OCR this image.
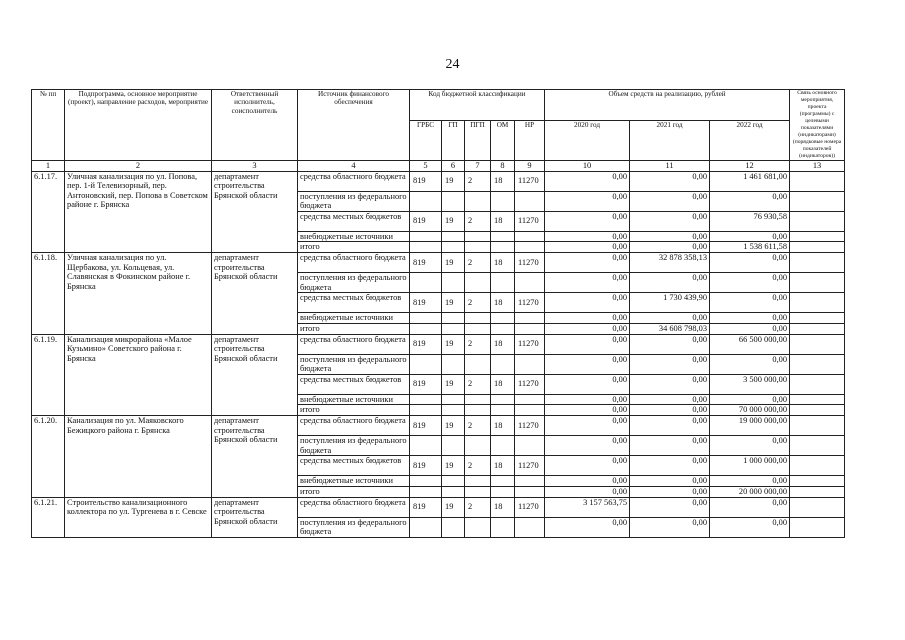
24
№ пп	Подпрограмма, основное мероприятие (проект), направление расходов, мероприятие	Ответственный исполнитель, соисполнитель	Источник финансового обеспечения	Код бюджетной классификации					Объем средств на реализацию, рублей			Связь основного мероприятия, проекта (программы) с целевыми показателями (индикаторами) (порядковые номера показателей (индикаторов))
				ГРБС	ГП	ПГП	ОМ	НР	2020 год	2021 год	2022 год	
1	2	3	4	5	6	7	8	9	10	11	12	13
6.1.17.	Уличная канализация по ул. Попова, пер. 1-й Телевизорный, пер. Антоновский, пер. Попова в Советском районе г. Брянска	департамент строительства Брянской области	средства областного бюджета	819	19	2	18	11270	0,00	0,00	1 461 681,00	
			поступления из федерального бюджета						0,00	0,00	0,00	
			средства местных бюджетов	819	19	2	18	11270	0,00	0,00	76 930,58	
			внебюджетные источники						0,00	0,00	0,00	
			итого						0,00	0,00	1 538 611,58	
6.1.18.	Уличная канализация по ул. Щербакова, ул. Кольцевая, ул. Славянская в Фокинском районе г. Брянска	департамент строительства Брянской области	средства областного бюджета	819	19	2	18	11270	0,00	32 878 358,13	0,00	
			поступления из федерального бюджета						0,00	0,00	0,00	
			средства местных бюджетов	819	19	2	18	11270	0,00	1 730 439,90	0,00	
			внебюджетные источники						0,00	0,00	0,00	
			итого						0,00	34 608 798,03	0,00	
6.1.19.	Канализация микрорайона «Малое Кузьмино» Советского района г. Брянска	департамент строительства Брянской области	средства областного бюджета	819	19	2	18	11270	0,00	0,00	66 500 000,00	
			поступления из федерального бюджета						0,00	0,00	0,00	
			средства местных бюджетов	819	19	2	18	11270	0,00	0,00	3 500 000,00	
			внебюджетные источники						0,00	0,00	0,00	
			итого						0,00	0,00	70 000 000,00	
6.1.20.	Канализация по ул. Маяковского Бежицкого района г. Брянска	департамент строительства Брянской области	средства областного бюджета	819	19	2	18	11270	0,00	0,00	19 000 000,00	
			поступления из федерального бюджета						0,00	0,00	0,00	
			средства местных бюджетов	819	19	2	18	11270	0,00	0,00	1 000 000,00	
			внебюджетные источники						0,00	0,00	0,00	
			итого						0,00	0,00	20 000 000,00	
6.1.21.	Строительство канализационного коллектора по ул. Тургенева в г. Севске	департамент строительства Брянской области	средства областного бюджета	819	19	2	18	11270	3 157 563,75	0,00	0,00	
			поступления из федерального бюджета						0,00	0,00	0,00	
